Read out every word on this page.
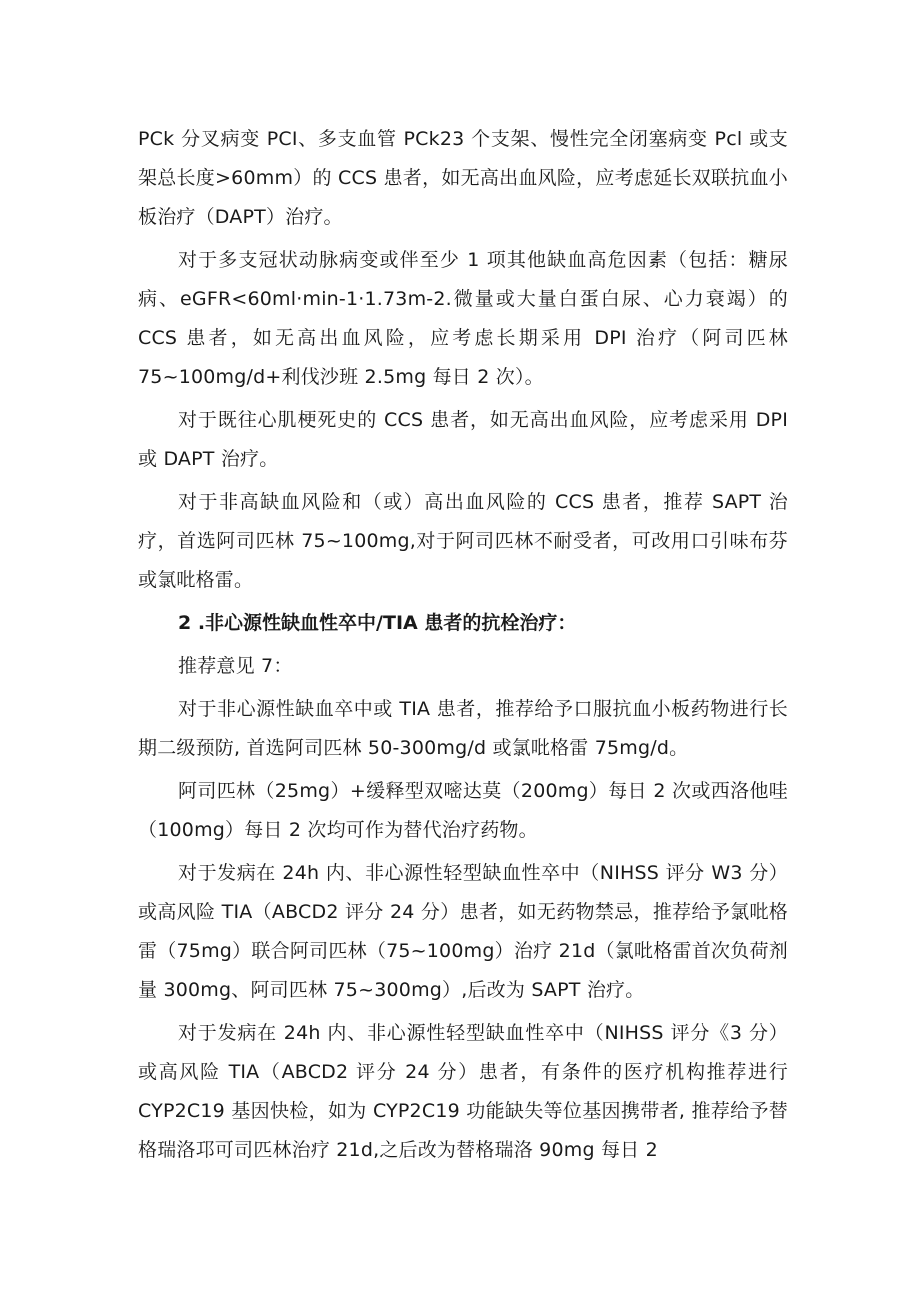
PCk 分叉病变 PCI、多支血管 PCk23 个支架、慢性完全闭塞病变 Pcl 或支架总长度>60mm）的 CCS 患者，如无高出血风险，应考虑延长双联抗血小板治疗（DAPT）治疗。

对于多支冠状动脉病变或伴至少 1 项其他缺血高危因素（包括：糖尿病、eGFR<60ml·min-1·1.73m-2.微量或大量白蛋白尿、心力衰竭）的 CCS 患者，如无高出血风险，应考虑长期采用 DPI 治疗（阿司匹林 75~100mg∕d+利伐沙班 2.5mg 每日 2 次）。

对于既往心肌梗死史的 CCS 患者，如无高出血风险，应考虑采用 DPI 或 DAPT 治疗。

对于非高缺血风险和（或）高出血风险的 CCS 患者，推荐 SAPT 治疗，首选阿司匹林 75~100mg,对于阿司匹林不耐受者，可改用口引味布芬或氯吡格雷。

2 .非心源性缺血性卒中/TIA 患者的抗栓治疗：

推荐意见 7：

对于非心源性缺血卒中或 TIA 患者，推荐给予口服抗血小板药物进行长期二级预防, 首选阿司匹林 50-300mg/d 或氯吡格雷 75mg∕d。

阿司匹林（25mg）+缓释型双嘧达莫（200mg）每日 2 次或西洛他哇（100mg）每日 2 次均可作为替代治疗药物。

对于发病在 24h 内、非心源性轻型缺血性卒中（NIHSS 评分 W3 分）或高风险 TIA（ABCD2 评分 24 分）患者，如无药物禁忌，推荐给予氯吡格雷（75mg）联合阿司匹林（75~100mg）治疗 21d（氯吡格雷首次负荷剂量 300mg、阿司匹林 75~300mg）,后改为 SAPT 治疗。

对于发病在 24h 内、非心源性轻型缺血性卒中（NIHSS 评分《3 分）或高风险 TIA（ABCD2 评分 24 分）患者，有条件的医疗机构推荐进行 CYP2C19 基因快检，如为 CYP2C19 功能缺失等位基因携带者, 推荐给予替格瑞洛邛可司匹林治疗 21d,之后改为替格瑞洛 90mg 每日 2
